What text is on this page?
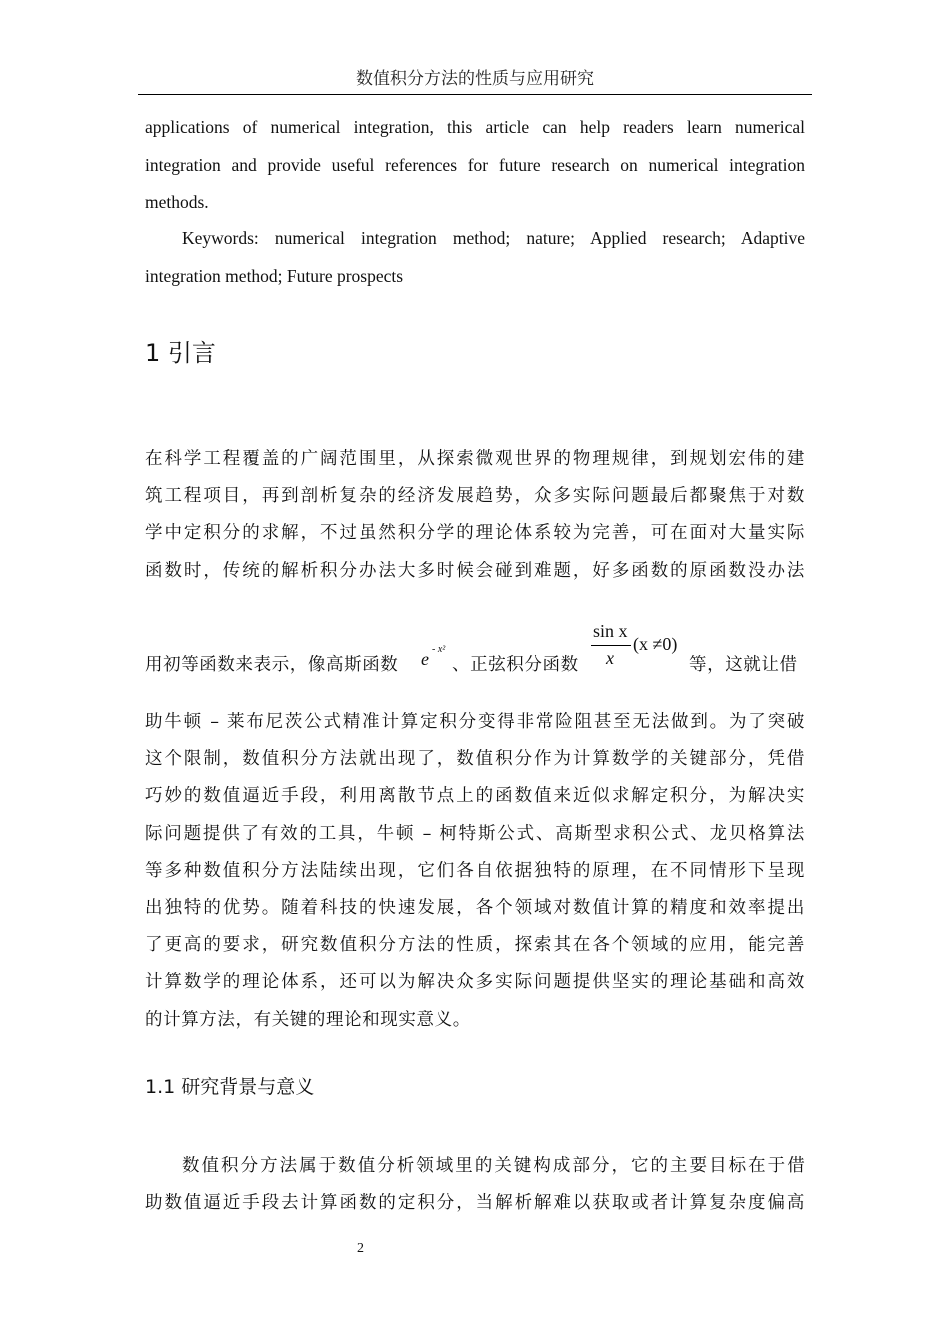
数值积分方法的性质与应用研究

applications of numerical integration, this article can help readers learn numerical

integration and provide useful references for future research on numerical integration

methods.

Keywords: numerical integration method; nature; Applied research; Adaptive

integration method; Future prospects

1 引言

在科学工程覆盖的广阔范围里，从探索微观世界的物理规律，到规划宏伟的建

筑工程项目，再到剖析复杂的经济发展趋势，众多实际问题最后都聚焦于对数

学中定积分的求解，不过虽然积分学的理论体系较为完善，可在面对大量实际

函数时，传统的解析积分办法大多时候会碰到难题，好多函数的原函数没办法

用初等函数来表示，像高斯函数 e - x²
、正弦积分函数
sin x
x
(x ≠0)
等，这就让借

助牛顿 – 莱布尼茨公式精准计算定积分变得非常险阻甚至无法做到。为了突破

这个限制，数值积分方法就出现了，数值积分作为计算数学的关键部分，凭借

巧妙的数值逼近手段，利用离散节点上的函数值来近似求解定积分，为解决实

际问题提供了有效的工具，牛顿 – 柯特斯公式、高斯型求积公式、龙贝格算法

等多种数值积分方法陆续出现，它们各自依据独特的原理，在不同情形下呈现

出独特的优势。随着科技的快速发展，各个领域对数值计算的精度和效率提出

了更高的要求，研究数值积分方法的性质，探索其在各个领域的应用，能完善

计算数学的理论体系，还可以为解决众多实际问题提供坚实的理论基础和高效

的计算方法，有关键的理论和现实意义。

1.1 研究背景与意义

数值积分方法属于数值分析领域里的关键构成部分，它的主要目标在于借

助数值逼近手段去计算函数的定积分，当解析解难以获取或者计算复杂度偏高

2
